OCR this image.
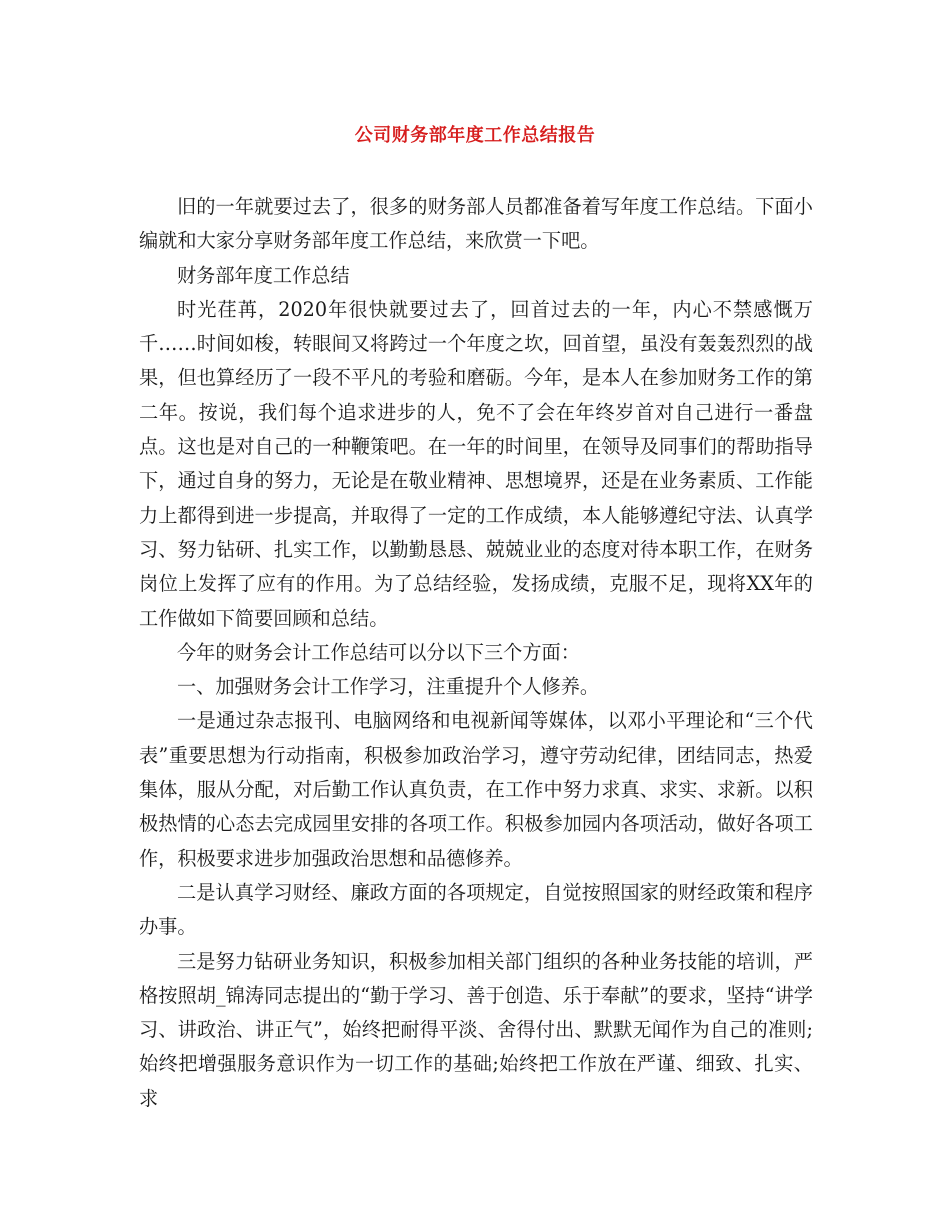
公司财务部年度工作总结报告

旧的一年就要过去了，很多的财务部人员都准备着写年度工作总结。下面小编就和大家分享财务部年度工作总结，来欣赏一下吧。

财务部年度工作总结

时光荏苒，2020年很快就要过去了，回首过去的一年，内心不禁感慨万千……时间如梭，转眼间又将跨过一个年度之坎，回首望，虽没有轰轰烈烈的战果，但也算经历了一段不平凡的考验和磨砺。今年，是本人在参加财务工作的第二年。按说，我们每个追求进步的人，免不了会在年终岁首对自己进行一番盘点。这也是对自己的一种鞭策吧。在一年的时间里，在领导及同事们的帮助指导下，通过自身的努力，无论是在敬业精神、思想境界，还是在业务素质、工作能力上都得到进一步提高，并取得了一定的工作成绩，本人能够遵纪守法、认真学习、努力钻研、扎实工作，以勤勤恳恳、兢兢业业的态度对待本职工作，在财务岗位上发挥了应有的作用。为了总结经验，发扬成绩，克服不足，现将XX年的工作做如下简要回顾和总结。

今年的财务会计工作总结可以分以下三个方面：

一、加强财务会计工作学习，注重提升个人修养。

一是通过杂志报刊、电脑网络和电视新闻等媒体，以邓小平理论和“三个代表”重要思想为行动指南，积极参加政治学习，遵守劳动纪律，团结同志，热爱集体，服从分配，对后勤工作认真负责，在工作中努力求真、求实、求新。以积极热情的心态去完成园里安排的各项工作。积极参加园内各项活动，做好各项工作，积极要求进步加强政治思想和品德修养。

二是认真学习财经、廉政方面的各项规定，自觉按照国家的财经政策和程序办事。

三是努力钻研业务知识，积极参加相关部门组织的各种业务技能的培训，严格按照胡_锦涛同志提出的“勤于学习、善于创造、乐于奉献”的要求，坚持“讲学习、讲政治、讲正气”，始终把耐得平淡、舍得付出、默默无闻作为自己的准则;始终把增强服务意识作为一切工作的基础;始终把工作放在严谨、细致、扎实、求
